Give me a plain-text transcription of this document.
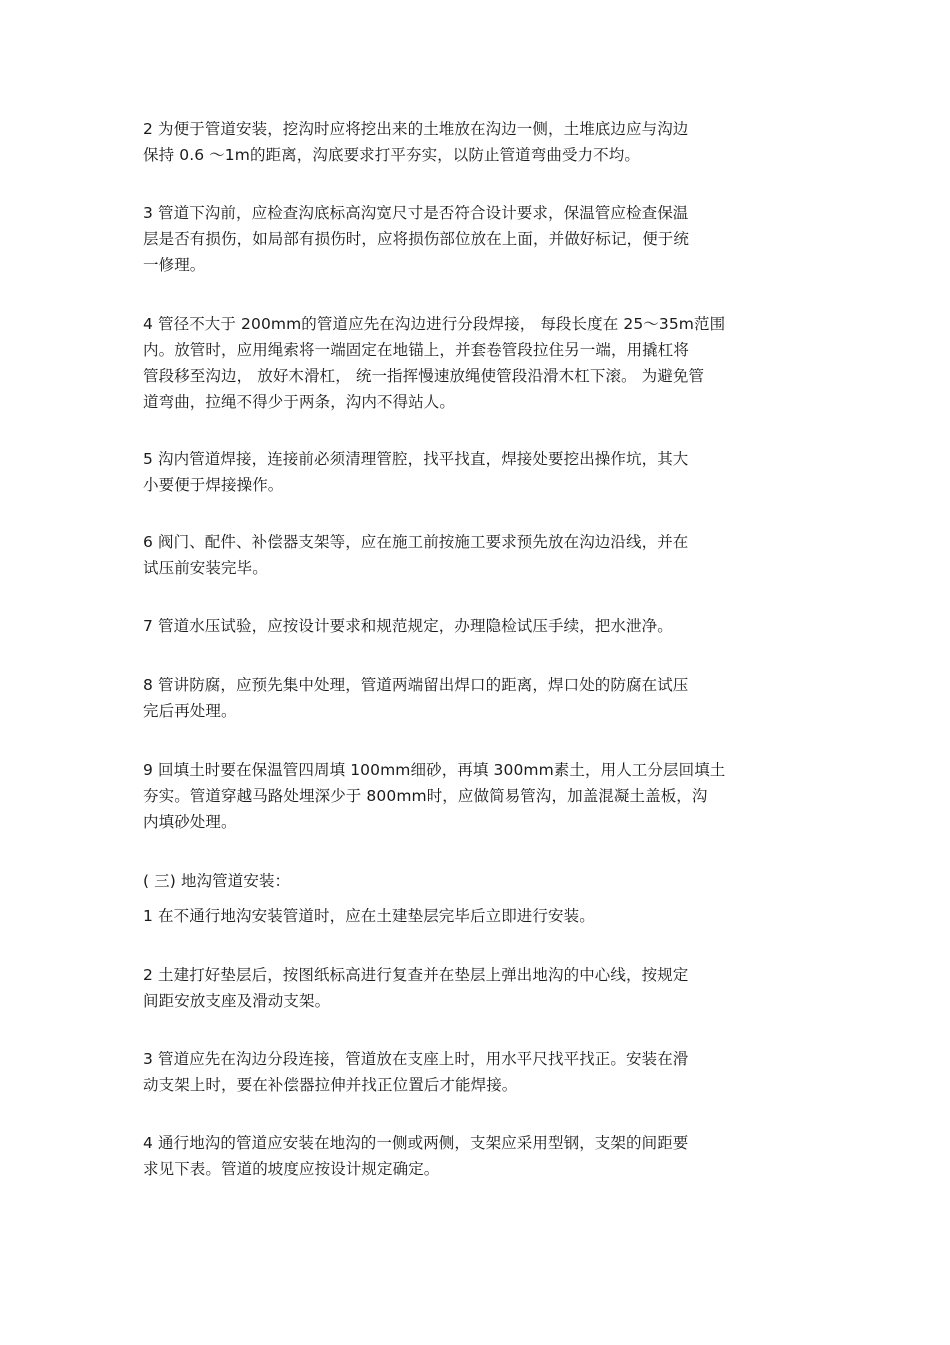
2 为便于管道安装，挖沟时应将挖出来的土堆放在沟边一侧，土堆底边应与沟边
保持 0.6 ～1m的距离，沟底要求打平夯实，以防止管道弯曲受力不均。
3 管道下沟前，应检查沟底标高沟宽尺寸是否符合设计要求，保温管应检查保温
层是否有损伤，如局部有损伤时，应将损伤部位放在上面，并做好标记，便于统
一修理。
4 管径不大于 200mm的管道应先在沟边进行分段焊接， 每段长度在 25～35m范围
内。放管时，应用绳索将一端固定在地锚上，并套卷管段拉住另一端，用撬杠将
管段移至沟边， 放好木滑杠， 统一指挥慢速放绳使管段沿滑木杠下滚。 为避免管
道弯曲，拉绳不得少于两条，沟内不得站人。
5 沟内管道焊接，连接前必须清理管腔，找平找直，焊接处要挖出操作坑，其大
小要便于焊接操作。
6 阀门、配件、补偿器支架等，应在施工前按施工要求预先放在沟边沿线，并在
试压前安装完毕。
7 管道水压试验，应按设计要求和规范规定，办理隐检试压手续，把水泄净。
8 管讲防腐，应预先集中处理，管道两端留出焊口的距离，焊口处的防腐在试压
完后再处理。
9 回填土时要在保温管四周填 100mm细砂，再填 300mm素土，用人工分层回填土
夯实。管道穿越马路处埋深少于 800mm时，应做简易管沟，加盖混凝土盖板，沟
内填砂处理。
( 三) 地沟管道安装：
1 在不通行地沟安装管道时，应在土建垫层完毕后立即进行安装。
2 土建打好垫层后，按图纸标高进行复查并在垫层上弹出地沟的中心线，按规定
间距安放支座及滑动支架。
3 管道应先在沟边分段连接，管道放在支座上时，用水平尺找平找正。安装在滑
动支架上时，要在补偿器拉伸并找正位置后才能焊接。
4 通行地沟的管道应安装在地沟的一侧或两侧，支架应采用型钢，支架的间距要
求见下表。管道的坡度应按设计规定确定。
